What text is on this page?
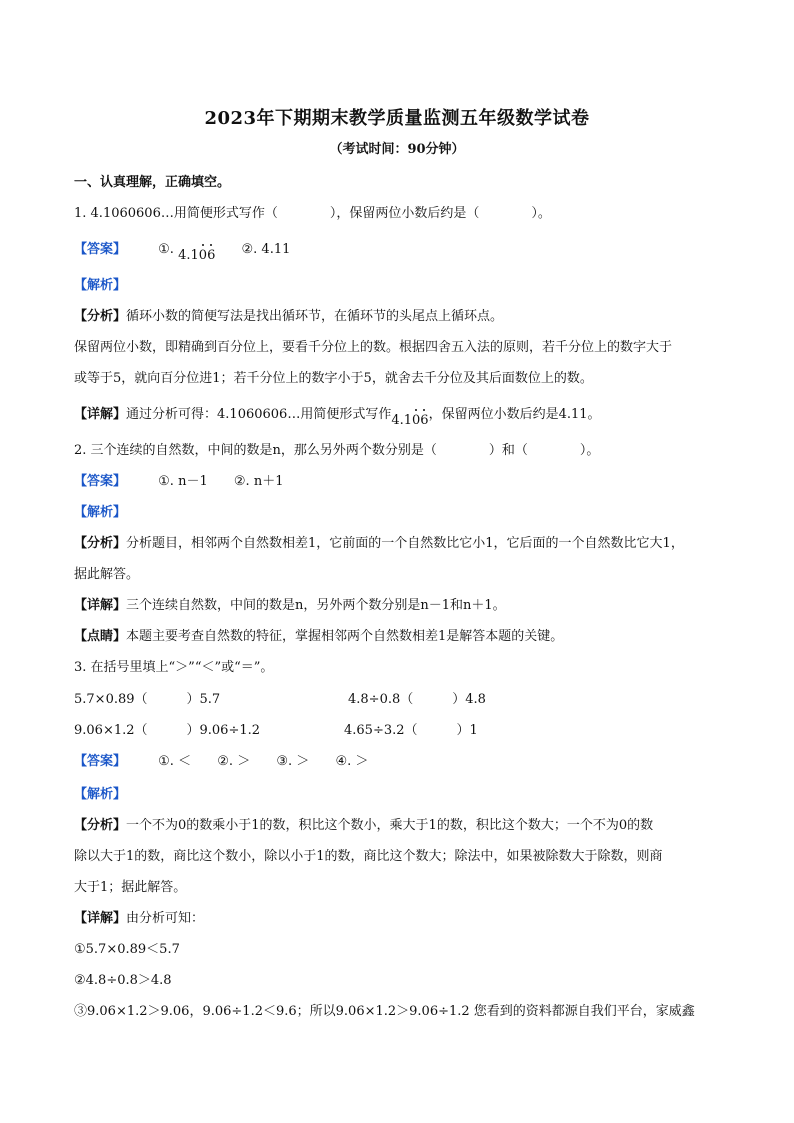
2023年下期期末教学质量监测五年级数学试卷
（考试时间：90分钟）
一、认真理解，正确填空。
1. 4.1060606…用简便形式写作（　　　　），保留两位小数后约是（　　　　）。
【答案】 ①. 4.106 ②. 4.11
【解析】
【分析】循环小数的简便写法是找出循环节，在循环节的头尾点上循环点。
保留两位小数，即精确到百分位上，要看千分位上的数。根据四舍五入法的原则，若千分位上的数字大于
或等于5，就向百分位进1；若千分位上的数字小于5，就舍去千分位及其后面数位上的数。
【详解】通过分析可得：4.1060606…用简便形式写作4.106，保留两位小数后约是4.11。
2. 三个连续的自然数，中间的数是n，那么另外两个数分别是（　　　　）和（　　　　）。
【答案】 ①. n－1 ②. n＋1
【解析】
【分析】分析题目，相邻两个自然数相差1，它前面的一个自然数比它小1，它后面的一个自然数比它大1，
据此解答。
【详解】三个连续自然数，中间的数是n，另外两个数分别是n－1和n＋1。
【点睛】本题主要考查自然数的特征，掌握相邻两个自然数相差1是解答本题的关键。
3. 在括号里填上“＞”“＜”或“＝”。
5.7×0.89（　　　）5.7	4.8÷0.8（　　　）4.8
9.06×1.2（　　　）9.06÷1.2	4.65÷3.2（　　　）1
【答案】 ①. ＜ ②. ＞ ③. ＞ ④. ＞
【解析】
【分析】一个不为0的数乘小于1的数，积比这个数小，乘大于1的数，积比这个数大；一个不为0的数
除以大于1的数，商比这个数小，除以小于1的数，商比这个数大；除法中，如果被除数大于除数，则商
大于1；据此解答。
【详解】由分析可知：
①5.7×0.89＜5.7
②4.8÷0.8＞4.8
③9.06×1.2＞9.06，9.06÷1.2＜9.6；所以9.06×1.2＞9.06÷1.2 您看到的资料都源自我们平台，家威鑫
